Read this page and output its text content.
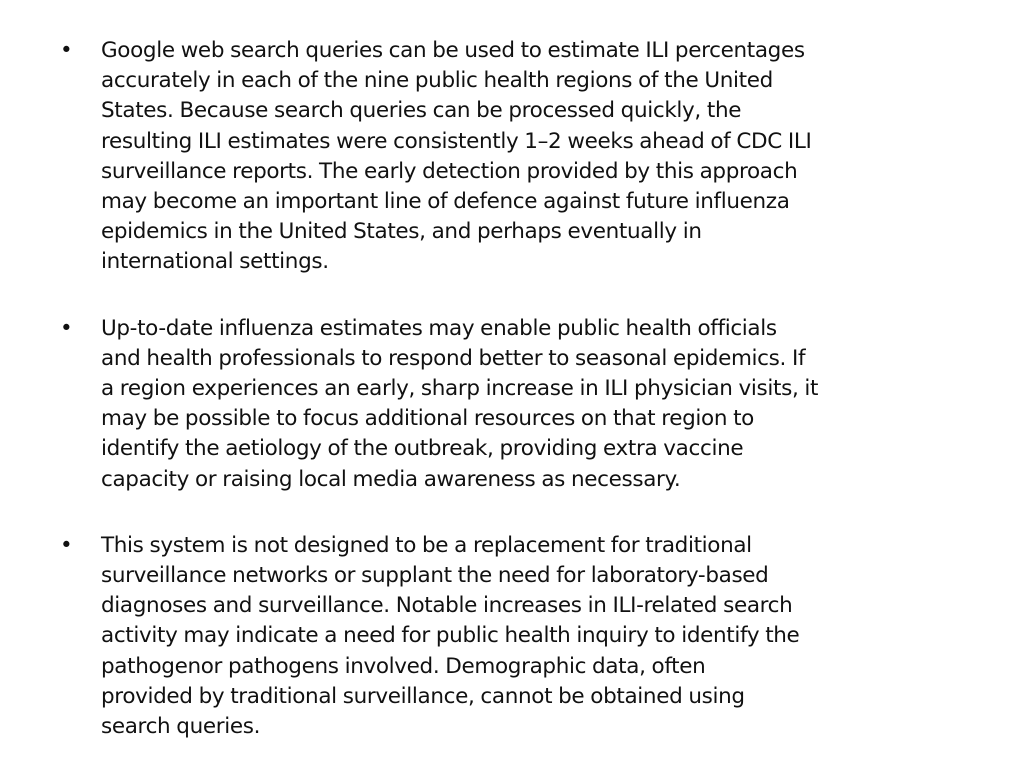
• Google web search queries can be used to estimate ILI percentages
accurately in each of the nine public health regions of the United
States. Because search queries can be processed quickly, the
resulting ILI estimates were consistently 1–2 weeks ahead of CDC ILI
surveillance reports. The early detection provided by this approach
may become an important line of defence against future influenza
epidemics in the United States, and perhaps eventually in
international settings.
• Up-to-date influenza estimates may enable public health officials
and health professionals to respond better to seasonal epidemics. If
a region experiences an early, sharp increase in ILI physician visits, it
may be possible to focus additional resources on that region to
identify the aetiology of the outbreak, providing extra vaccine
capacity or raising local media awareness as necessary.
• This system is not designed to be a replacement for traditional
surveillance networks or supplant the need for laboratory-based
diagnoses and surveillance. Notable increases in ILI-related search
activity may indicate a need for public health inquiry to identify the
pathogenor pathogens involved. Demographic data, often
provided by traditional surveillance, cannot be obtained using
search queries.
